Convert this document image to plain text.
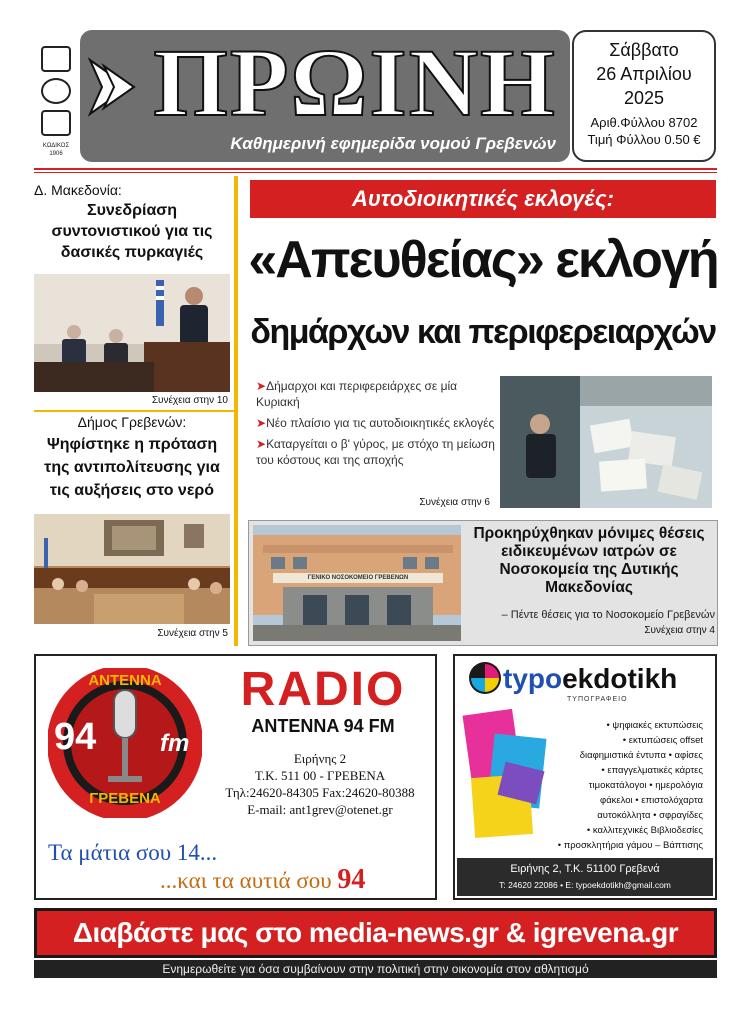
ΚΩΔΙΚΟΣ
1906
ΠΡΩΙΝΗ
Καθημερινή εφημερίδα νομού Γρεβενών
Σάββατο
26 Απριλίου
2025
Αριθ.Φύλλου 8702
Τιμή Φύλλου 0.50 €
Δ. Μακεδονία:
Συνεδρίαση συντονιστικού για τις δασικές πυρκαγιές
Συνέχεια στην 10
Δήμος Γρεβενών:
Ψηφίστηκε η πρόταση της αντιπολίτευσης για τις αυξήσεις στο νερό
Συνέχεια στην 5
Αυτοδιοικητικές εκλογές:
«Απευθείας» εκλογή
δημάρχων και περιφερειαρχών
➤Δήμαρχοι και περιφερειάρχες σε μία Κυριακή
➤Νέο πλαίσιο για τις αυτοδιοικητικές εκλογές
➤Καταργείται ο β' γύρος, με στόχο τη μείωση του κόστους και της αποχής
Συνέχεια στην 6
ΓΕΝΙΚΟ ΝΟΣΟΚΟΜΕΙΟ ΓΡΕΒΕΝΩΝ
Προκηρύχθηκαν μόνιμες θέσεις ειδικευμένων ιατρών σε Νοσοκομεία της Δυτικής Μακεδονίας
– Πέντε θέσεις για το Νοσοκομείο Γρεβενών
Συνέχεια στην 4
ΑΝΤΕΝΝΑ
ΓΡΕΒΕΝΑ
94	fm
RADIO
ANTENNA 94 FM
Ειρήνης 2
Τ.Κ. 511 00 - ΓΡΕΒΕΝΑ
Τηλ:24620-84305 Fax:24620-80388
E-mail: ant1grev@otenet.gr
Τα μάτια σου 14...
...και τα αυτιά σου 94
typoekdotikh
ΤΥΠΟΓΡΑΦΕΙΟ
• ψηφιακές εκτυπώσεις
• εκτυπώσεις offset
διαφημιστικά έντυπα • αφίσες
• επαγγελματικές κάρτες
τιμοκατάλογοι • ημερολόγια
φάκελοι • επιστολόχαρτα
αυτοκόλλητα • σφραγίδες
• καλλιτεχνικές Βιβλιοδεσίες
• προσκλητήρια γάμου – Βάπτισης
Ειρήνης 2, Τ.Κ. 51100 Γρεβενά
Τ: 24620 22086 • Ε: typoekdotikh@gmail.com
Διαβάστε μας στο media-news.gr & igrevena.gr
Ενημερωθείτε για όσα συμβαίνουν στην πολιτική στην οικονομία στον αθλητισμό
